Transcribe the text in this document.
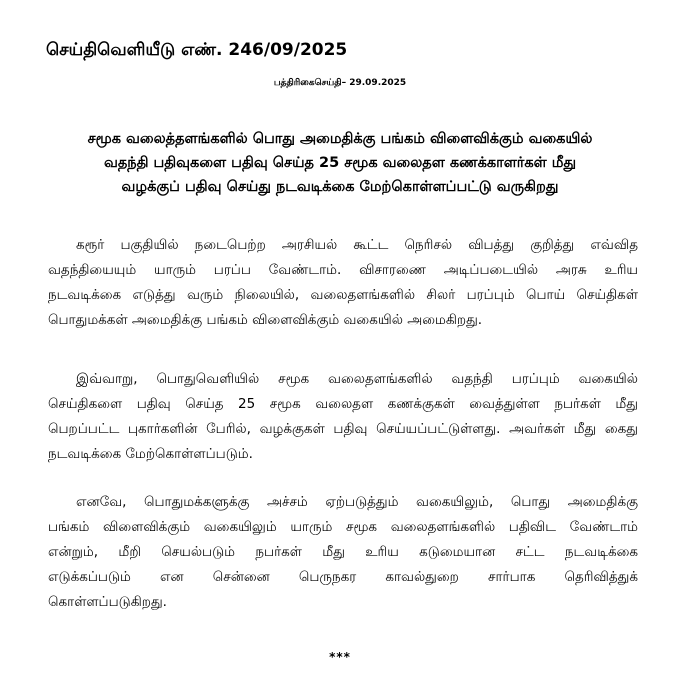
செய்திவெளியீடு எண். 246/09/2025
பத்திரிகைசெய்தி– 29.09.2025
சமூக வலைத்தளங்களில் பொது அமைதிக்கு பங்கம் விளைவிக்கும் வகையில்
வதந்தி பதிவுகளை பதிவு செய்த 25 சமூக வலைதள கணக்காளர்கள் மீது
வழக்குப் பதிவு செய்து நடவடிக்கை மேற்கொள்ளப்பட்டு வருகிறது
கரூர் பகுதியில் நடைபெற்ற அரசியல் கூட்ட நெரிசல் விபத்து குறித்து எவ்வித
வதந்தியையும் யாரும் பரப்ப வேண்டாம். விசாரணை அடிப்படையில் அரசு உரிய
நடவடிக்கை எடுத்து வரும் நிலையில், வலைதளங்களில் சிலர் பரப்பும் பொய் செய்திகள்
பொதுமக்கள் அமைதிக்கு பங்கம் விளைவிக்கும் வகையில் அமைகிறது.
இவ்வாறு, பொதுவெளியில் சமூக வலைதளங்களில் வதந்தி பரப்பும் வகையில்
செய்திகளை பதிவு செய்த 25 சமூக வலைதள கணக்குகள் வைத்துள்ள நபர்கள் மீது
பெறப்பட்ட புகார்களின் பேரில், வழக்குகள் பதிவு செய்யப்பட்டுள்ளது. அவர்கள் மீது கைது
நடவடிக்கை மேற்கொள்ளப்படும்.
எனவே, பொதுமக்களுக்கு அச்சம் ஏற்படுத்தும் வகையிலும், பொது அமைதிக்கு
பங்கம் விளைவிக்கும் வகையிலும் யாரும் சமூக வலைதளங்களில் பதிவிட வேண்டாம்
என்றும், மீறி செயல்படும் நபர்கள் மீது உரிய கடுமையான சட்ட நடவடிக்கை
எடுக்கப்படும் என சென்னை பெருநகர காவல்துறை சார்பாக தெரிவித்துக்
கொள்ளப்படுகிறது.
***
